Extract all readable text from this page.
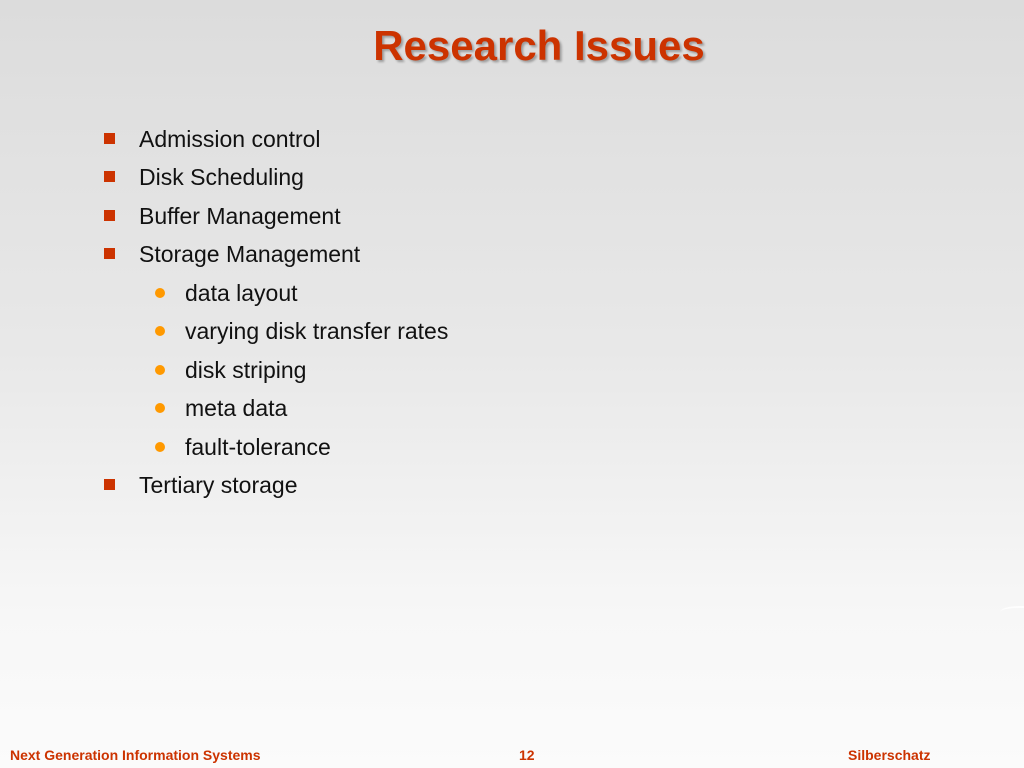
Research Issues
Admission control
Disk Scheduling
Buffer Management
Storage Management
data layout
varying disk transfer rates
disk striping
meta data
fault-tolerance
Tertiary storage
Next Generation Information Systems	12	Silberschatz
